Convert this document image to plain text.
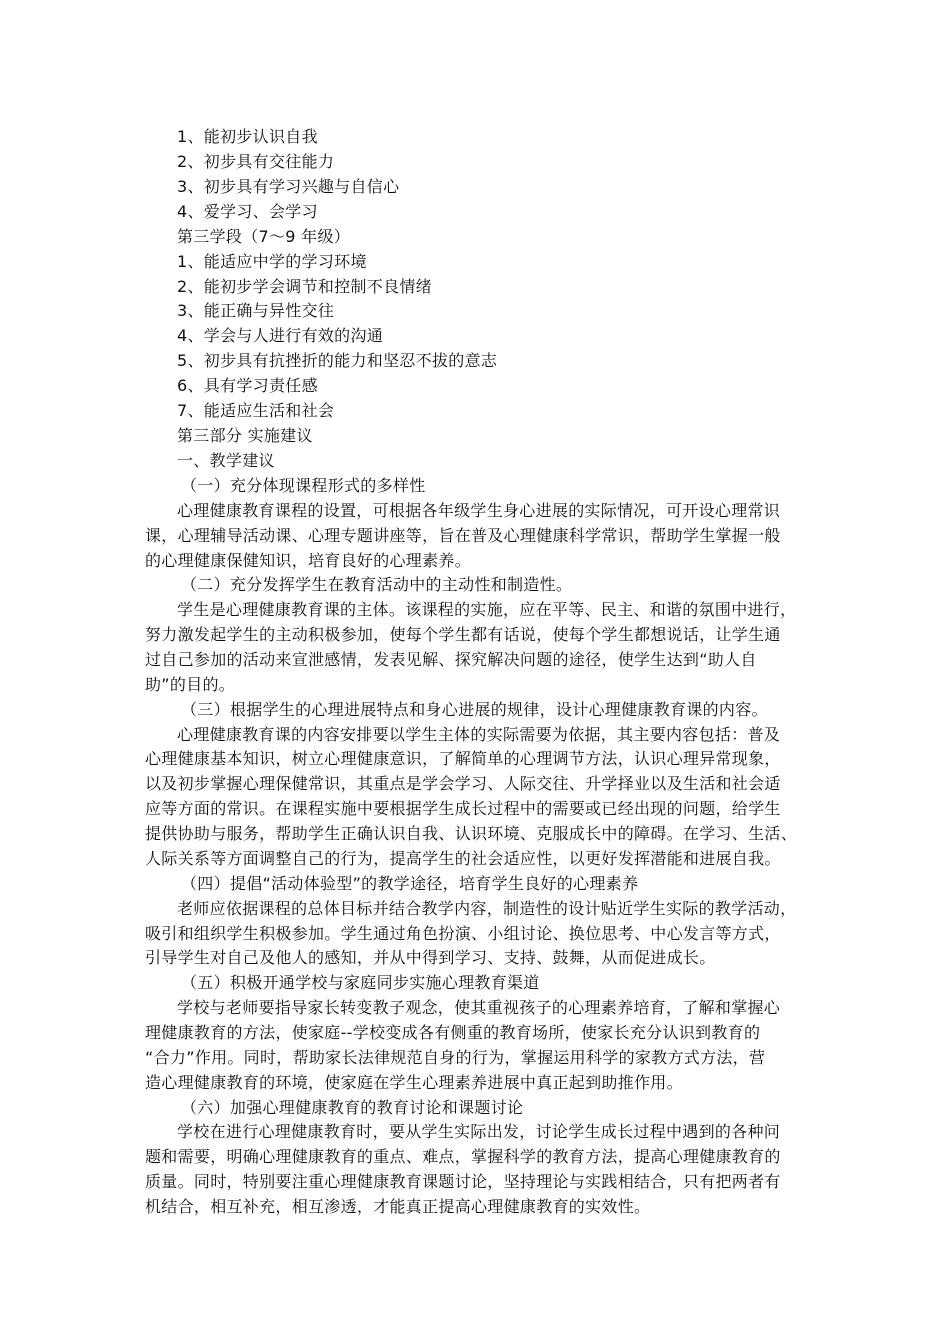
1、能初步认识自我
2、初步具有交往能力
3、初步具有学习兴趣与自信心
4、爱学习、会学习
第三学段（7～9 年级）
1、能适应中学的学习环境
2、能初步学会调节和控制不良情绪
3、能正确与异性交往
4、学会与人进行有效的沟通
5、初步具有抗挫折的能力和坚忍不拔的意志
6、具有学习责任感
7、能适应生活和社会
第三部分 实施建议
一、教学建议
（一）充分体现课程形式的多样性
心理健康教育课程的设置，可根据各年级学生身心进展的实际情况，可开设心理常识
课，心理辅导活动课、心理专题讲座等，旨在普及心理健康科学常识，帮助学生掌握一般
的心理健康保健知识，培育良好的心理素养。
（二）充分发挥学生在教育活动中的主动性和制造性。
学生是心理健康教育课的主体。该课程的实施，应在平等、民主、和谐的氛围中进行，
努力激发起学生的主动积极参加，使每个学生都有话说，使每个学生都想说话，让学生通
过自己参加的活动来宣泄感情，发表见解、探究解决问题的途径，使学生达到“助人自
助”的目的。
（三）根据学生的心理进展特点和身心进展的规律，设计心理健康教育课的内容。
心理健康教育课的内容安排要以学生主体的实际需要为依据，其主要内容包括：普及
心理健康基本知识，树立心理健康意识，了解简单的心理调节方法，认识心理异常现象，
以及初步掌握心理保健常识，其重点是学会学习、人际交往、升学择业以及生活和社会适
应等方面的常识。在课程实施中要根据学生成长过程中的需要或已经出现的问题，给学生
提供协助与服务，帮助学生正确认识自我、认识环境、克服成长中的障碍。在学习、生活、
人际关系等方面调整自己的行为，提高学生的社会适应性，以更好发挥潜能和进展自我。
（四）提倡“活动体验型”的教学途径，培育学生良好的心理素养
老师应依据课程的总体目标并结合教学内容，制造性的设计贴近学生实际的教学活动，
吸引和组织学生积极参加。学生通过角色扮演、小组讨论、换位思考、中心发言等方式，
引导学生对自己及他人的感知，并从中得到学习、支持、鼓舞，从而促进成长。
（五）积极开通学校与家庭同步实施心理教育渠道
学校与老师要指导家长转变教子观念，使其重视孩子的心理素养培育，了解和掌握心
理健康教育的方法，使家庭--学校变成各有侧重的教育场所，使家长充分认识到教育的
“合力”作用。同时，帮助家长法律规范自身的行为，掌握运用科学的家教方式方法，营
造心理健康教育的环境，使家庭在学生心理素养进展中真正起到助推作用。
（六）加强心理健康教育的教育讨论和课题讨论
学校在进行心理健康教育时，要从学生实际出发，讨论学生成长过程中遇到的各种问
题和需要，明确心理健康教育的重点、难点，掌握科学的教育方法，提高心理健康教育的
质量。同时，特别要注重心理健康教育课题讨论，坚持理论与实践相结合，只有把两者有
机结合，相互补充，相互渗透，才能真正提高心理健康教育的实效性。
